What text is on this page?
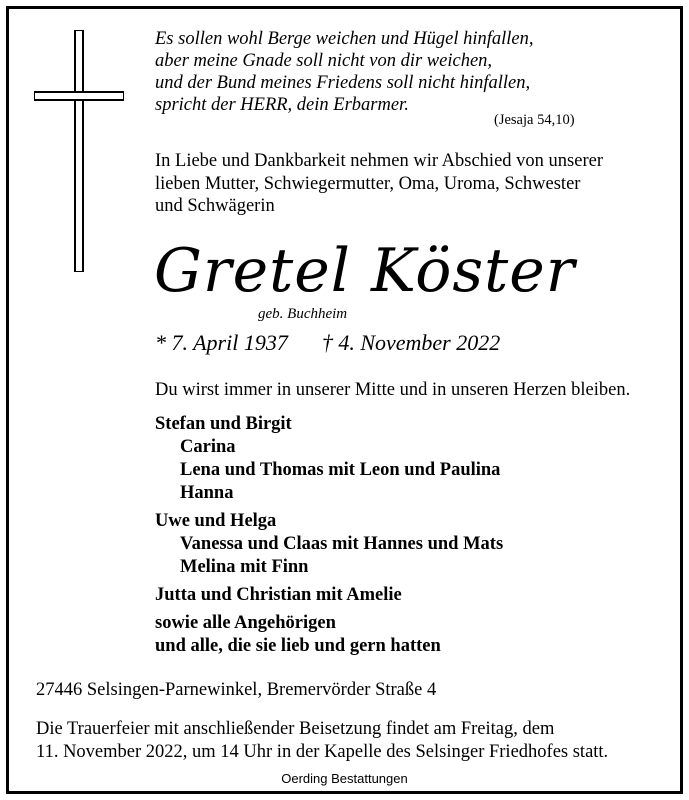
Es sollen wohl Berge weichen und Hügel hinfallen,
aber meine Gnade soll nicht von dir weichen,
und der Bund meines Friedens soll nicht hinfallen,
spricht der HERR, dein Erbarmer.
(Jesaja 54,10)
In Liebe und Dankbarkeit nehmen wir Abschied von unserer
lieben Mutter, Schwiegermutter, Oma, Uroma, Schwester
und Schwägerin
Gretel Köster
geb. Buchheim
* 7. April 1937 † 4. November 2022
Du wirst immer in unserer Mitte und in unseren Herzen bleiben.
Stefan und Birgit
Carina
Lena und Thomas mit Leon und Paulina
Hanna
Uwe und Helga
Vanessa und Claas mit Hannes und Mats
Melina mit Finn
Jutta und Christian mit Amelie
sowie alle Angehörigen
und alle, die sie lieb und gern hatten
27446 Selsingen-Parnewinkel, Bremervörder Straße 4
Die Trauerfeier mit anschließender Beisetzung findet am Freitag, dem
11. November 2022, um 14 Uhr in der Kapelle des Selsinger Friedhofes statt.
Oerding Bestattungen
